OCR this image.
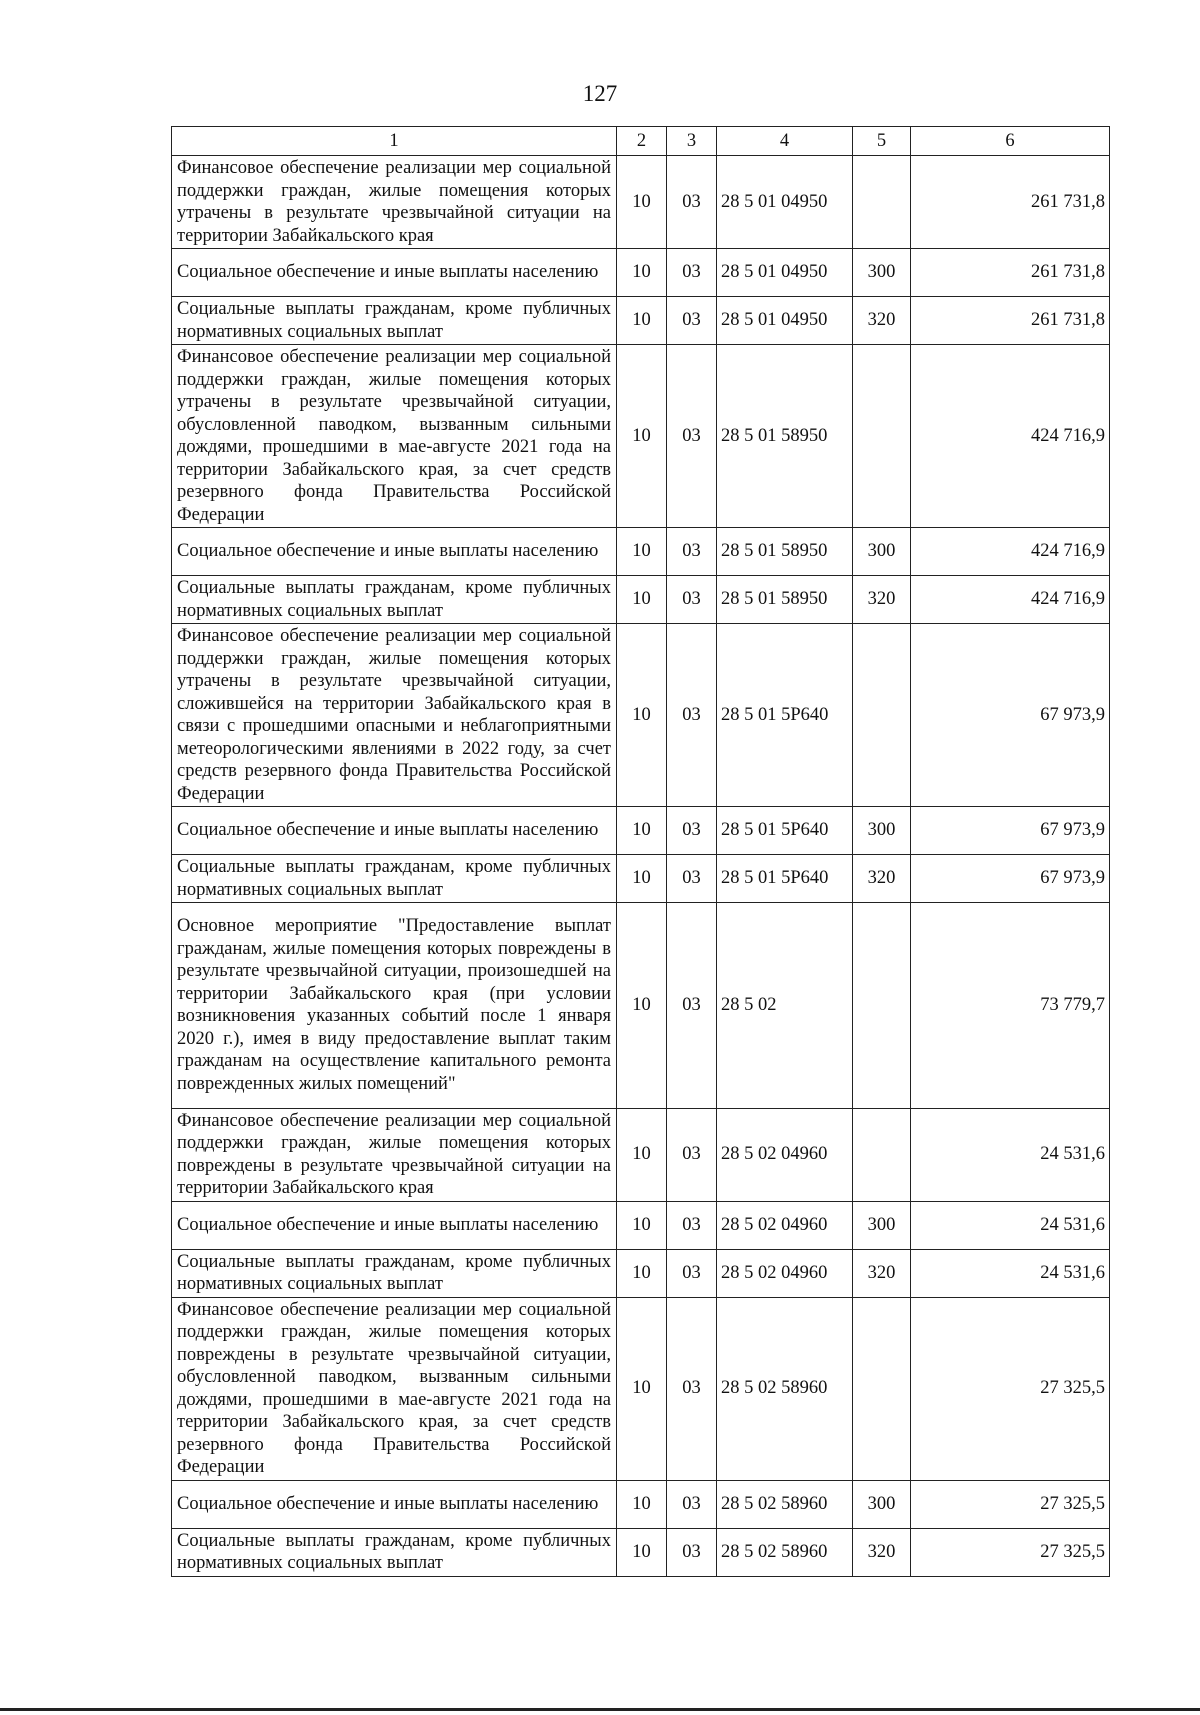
127
1	2	3	4	5	6
Финансовое обеспечение реализации мер социальной поддержки граждан, жилые помещения которых утрачены в результате чрезвычайной ситуации на территории Забайкальского края	10	03	28 5 01 04950		261 731,8
Социальное обеспечение и иные выплаты населению	10	03	28 5 01 04950	300	261 731,8
Социальные выплаты гражданам, кроме публичных нормативных социальных выплат	10	03	28 5 01 04950	320	261 731,8
Финансовое обеспечение реализации мер социальной поддержки граждан, жилые помещения которых утрачены в результате чрезвычайной ситуации, обусловленной паводком, вызванным сильными дождями, прошедшими в мае-августе 2021 года на территории Забайкальского края, за счет средств резервного фонда Правительства Российской Федерации	10	03	28 5 01 58950		424 716,9
Социальное обеспечение и иные выплаты населению	10	03	28 5 01 58950	300	424 716,9
Социальные выплаты гражданам, кроме публичных нормативных социальных выплат	10	03	28 5 01 58950	320	424 716,9
Финансовое обеспечение реализации мер социальной поддержки граждан, жилые помещения которых утрачены в результате чрезвычайной ситуации, сложившейся на территории Забайкальского края в связи с прошедшими опасными и неблагоприятными метеорологическими явлениями в 2022 году, за счет средств резервного фонда Правительства Российской Федерации	10	03	28 5 01 5Р640		67 973,9
Социальное обеспечение и иные выплаты населению	10	03	28 5 01 5Р640	300	67 973,9
Социальные выплаты гражданам, кроме публичных нормативных социальных выплат	10	03	28 5 01 5Р640	320	67 973,9
Основное мероприятие "Предоставление выплат гражданам, жилые помещения которых повреждены в результате чрезвычайной ситуации, произошедшей на территории Забайкальского края (при условии возникновения указанных событий после 1 января 2020 г.), имея в виду предоставление выплат таким гражданам на осуществление капитального ремонта поврежденных жилых помещений"	10	03	28 5 02		73 779,7
Финансовое обеспечение реализации мер социальной поддержки граждан, жилые помещения которых повреждены в результате чрезвычайной ситуации на территории Забайкальского края	10	03	28 5 02 04960		24 531,6
Социальное обеспечение и иные выплаты населению	10	03	28 5 02 04960	300	24 531,6
Социальные выплаты гражданам, кроме публичных нормативных социальных выплат	10	03	28 5 02 04960	320	24 531,6
Финансовое обеспечение реализации мер социальной поддержки граждан, жилые помещения которых повреждены в результате чрезвычайной ситуации, обусловленной паводком, вызванным сильными дождями, прошедшими в мае-августе 2021 года на территории Забайкальского края, за счет средств резервного фонда Правительства Российской Федерации	10	03	28 5 02 58960		27 325,5
Социальное обеспечение и иные выплаты населению	10	03	28 5 02 58960	300	27 325,5
Социальные выплаты гражданам, кроме публичных нормативных социальных выплат	10	03	28 5 02 58960	320	27 325,5
